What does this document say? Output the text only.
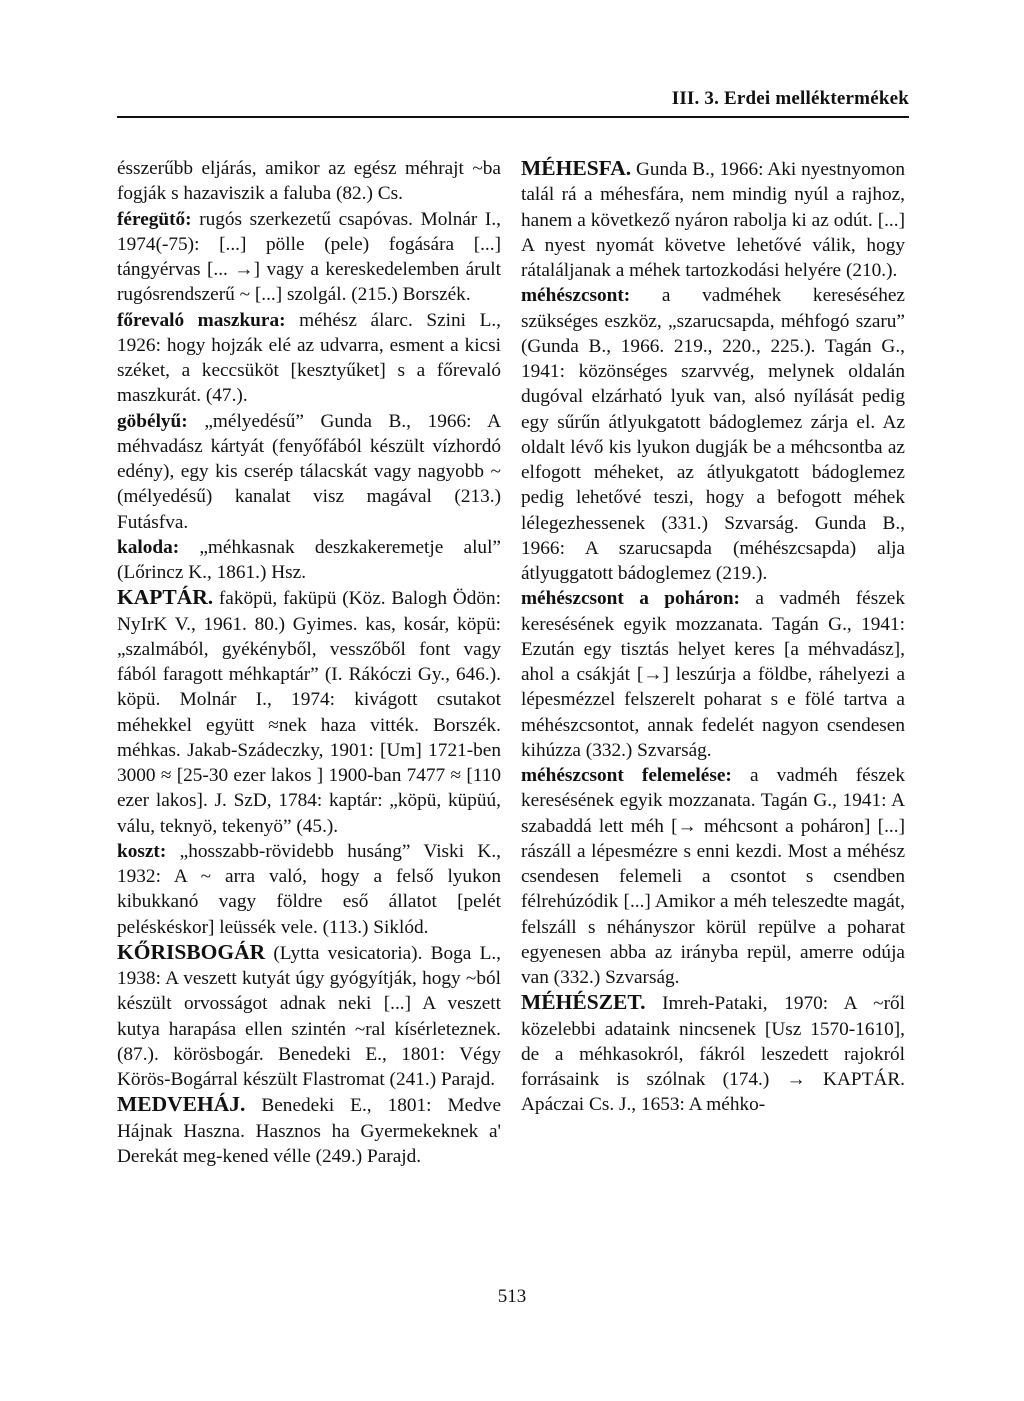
III. 3. Erdei melléktermékek

ésszerűbb eljárás, amikor az egész méhrajt ~ba fogják s hazaviszik a faluba (82.) Cs.

féregütő: rugós szerkezetű csapóvas. Molnár I., 1974(-75): [...] pölle (pele) fogására [...] tángyérvas [... →] vagy a kereskedelemben árult rugósrendszerű ~ [...] szolgál. (215.) Borszék.

főrevaló maszkura: méhész álarc. Szini L., 1926: hogy hojzák elé az udvarra, esment a kicsi széket, a keccsüköt [kesztyűket] s a főrevaló maszkurát. (47.).

göbélyű: „mélyedésű” Gunda B., 1966: A méhvadász kártyát (fenyőfából készült vízhordó edény), egy kis cserép tálacskát vagy nagyobb ~ (mélyedésű) kanalat visz magával (213.) Futásfva.

kaloda: „méhkasnak deszkakeremetje alul” (Lőrincz K., 1861.) Hsz.

KAPTÁR. faköpü, faküpü (Köz. Balogh Ödön: NyIrK V., 1961. 80.) Gyimes. kas, kosár, köpü: „szalmából, gyékényből, vesszőből font vagy fából faragott méhkaptár” (I. Rákóczi Gy., 646.). köpü. Molnár I., 1974: kivágott csutakot méhekkel együtt ≈nek haza vitték. Borszék. méhkas. Jakab-Szádeczky, 1901: [Um] 1721-ben 3000 ≈ [25-30 ezer lakos ] 1900-ban 7477 ≈ [110 ezer lakos]. J. SzD, 1784: kaptár: „köpü, küpüú, válu, teknyö, tekenyö” (45.).

koszt: „hosszabb-rövidebb husáng” Viski K., 1932: A ~ arra való, hogy a felső lyukon kibukkanó vagy földre eső állatot [pelét peléskéskor] leüssék vele. (113.) Siklód.

KŐRISBOGÁR (Lytta vesicatoria). Boga L., 1938: A veszett kutyát úgy gyógyítják, hogy ~ból készült orvosságot adnak neki [...] A veszett kutya harapása ellen szintén ~ral kísérleteznek. (87.). körösbogár. Benedeki E., 1801: Végy Körös-Bogárral készült Flastromat (241.) Parajd.

MEDVEHÁJ. Benedeki E., 1801: Medve Hájnak Haszna. Hasznos ha Gyermekeknek a' Derekát meg-kened vélle (249.) Parajd.

MÉHESFA. Gunda B., 1966: Aki nyestnyomon talál rá a méhesfára, nem mindig nyúl a rajhoz, hanem a következő nyáron rabolja ki az odút. [...] A nyest nyomát követve lehetővé válik, hogy rátaláljanak a méhek tartozkodási helyére (210.).

méhészcsont: a vadméhek kereséséhez szükséges eszköz, „szarucsapda, méhfogó szaru” (Gunda B., 1966. 219., 220., 225.). Tagán G., 1941: közönséges szarvvég, melynek oldalán dugóval elzárható lyuk van, alsó nyílását pedig egy sűrűn átlyukgatott bádoglemez zárja el. Az oldalt lévő kis lyukon dugják be a méhcsontba az elfogott méheket, az átlyukgatott bádoglemez pedig lehetővé teszi, hogy a befogott méhek lélegezhessenek (331.) Szvarság. Gunda B., 1966: A szarucsapda (méhészcsapda) alja átlyuggatott bádoglemez (219.).

méhészcsont a poháron: a vadméh fészek keresésének egyik mozzanata. Tagán G., 1941: Ezután egy tisztás helyet keres [a méhvadász], ahol a csákját [→] leszúrja a földbe, ráhelyezi a lépesmézzel felszerelt poharat s e fölé tartva a méhészcsontot, annak fedelét nagyon csendesen kihúzza (332.) Szvarság.

méhészcsont felemelése: a vadméh fészek keresésének egyik mozzanata. Tagán G., 1941: A szabaddá lett méh [→ méhcsont a poháron] [...] rászáll a lépesmézre s enni kezdi. Most a méhész csendesen felemeli a csontot s csendben félrehúzódik [...] Amikor a méh teleszedte magát, felszáll s néhányszor körül repülve a poharat egyenesen abba az irányba repül, amerre odúja van (332.) Szvarság.

MÉHÉSZET. Imreh-Pataki, 1970: A ~ről közelebbi adataink nincsenek [Usz 1570-1610], de a méhkasokról, fákról leszedett rajokról forrásaink is szólnak (174.) → KAPTÁR. Apáczai Cs. J., 1653: A méhko-

513
